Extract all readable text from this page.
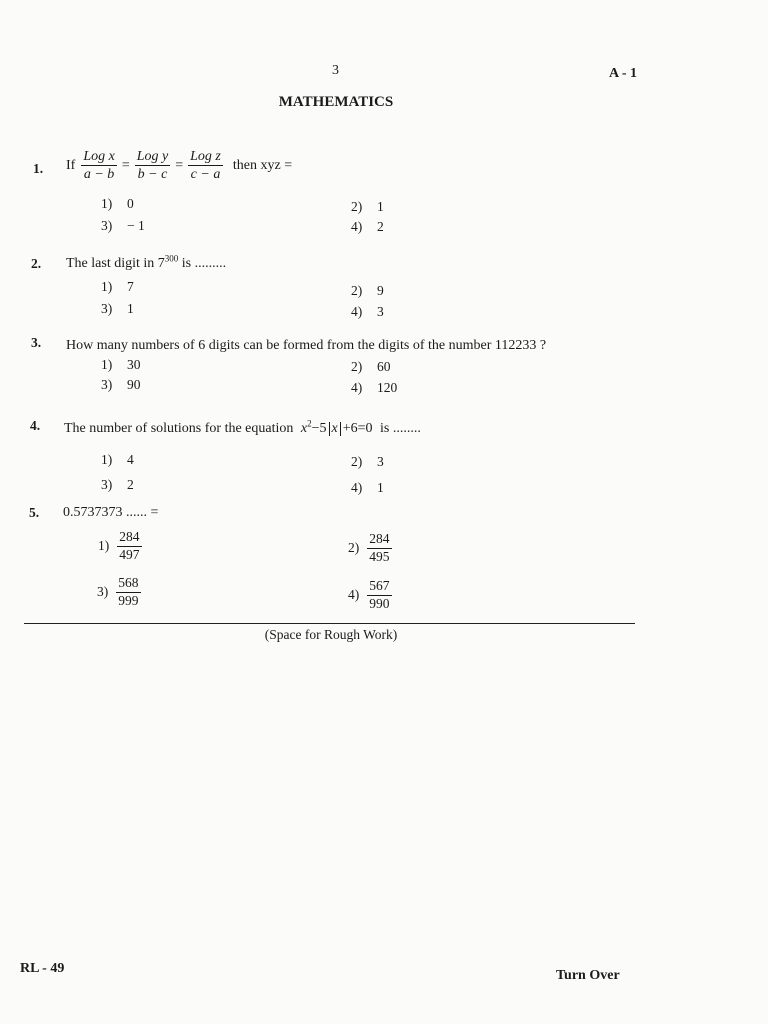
3	A - 1
MATHEMATICS
1. If $\frac{\text{Log x}}{a - b} = \frac{\text{Log y}}{b - c} = \frac{\text{Log z}}{c - a}$ then xyz =
1) 0	2) 1
3) − 1	4) 2
2. The last digit in $7^{300}$ is .........
1) 7	2) 9
3) 1	4) 3
3. How many numbers of 6 digits can be formed from the digits of the number 112233 ?
1) 30	2) 60
3) 90	4) 120
4. The number of solutions for the equation $x^2-5$ x +6=0 is ........
1) 4	2) 3
3) 2	4) 1
5. 0.5737373 ...... =
$1) \frac{284}{497}$	$2) \frac{284}{495}$
$3) \frac{568}{999}$	$4) \frac{567}{990}$
(Space for Rough Work)
RL - 49	Turn Over
